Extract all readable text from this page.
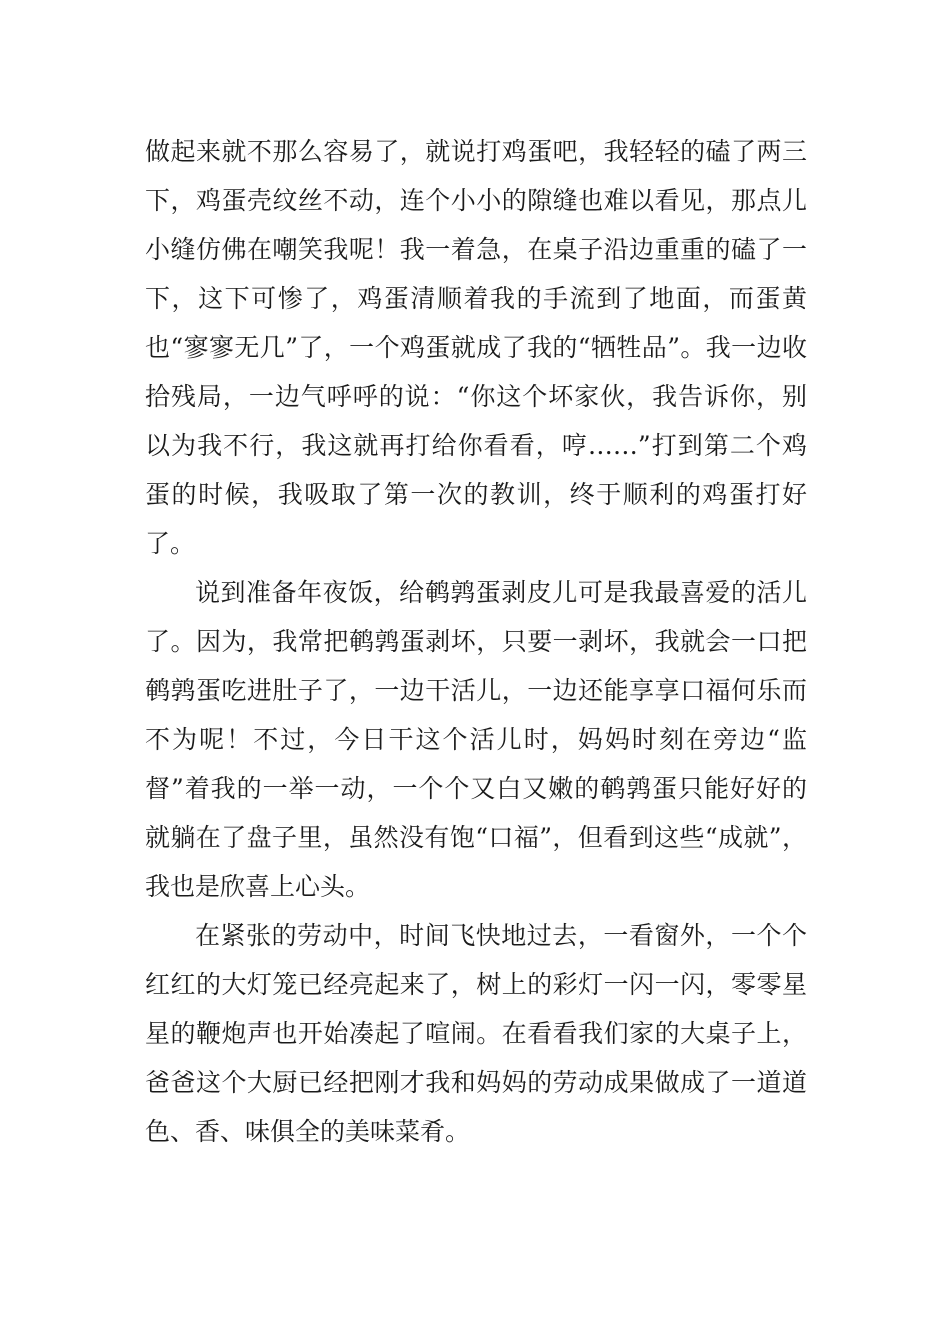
做起来就不那么容易了，就说打鸡蛋吧，我轻轻的磕了两三下，鸡蛋壳纹丝不动，连个小小的隙缝也难以看见，那点儿小缝仿佛在嘲笑我呢！我一着急，在桌子沿边重重的磕了一下，这下可惨了，鸡蛋清顺着我的手流到了地面，而蛋黄也“寥寥无几”了，一个鸡蛋就成了我的“牺牲品”。我一边收拾残局，一边气呼呼的说：“你这个坏家伙，我告诉你，别以为我不行，我这就再打给你看看，哼……”打到第二个鸡蛋的时候，我吸取了第一次的教训，终于顺利的鸡蛋打好了。

说到准备年夜饭，给鹌鹑蛋剥皮儿可是我最喜爱的活儿了。因为，我常把鹌鹑蛋剥坏，只要一剥坏，我就会一口把鹌鹑蛋吃进肚子了，一边干活儿，一边还能享享口福何乐而不为呢！不过，今日干这个活儿时，妈妈时刻在旁边“监督”着我的一举一动，一个个又白又嫩的鹌鹑蛋只能好好的就躺在了盘子里，虽然没有饱“口福”，但看到这些“成就”，我也是欣喜上心头。

在紧张的劳动中，时间飞快地过去，一看窗外，一个个红红的大灯笼已经亮起来了，树上的彩灯一闪一闪，零零星星的鞭炮声也开始凑起了喧闹。在看看我们家的大桌子上，爸爸这个大厨已经把刚才我和妈妈的劳动成果做成了一道道色、香、味俱全的美味菜肴。
